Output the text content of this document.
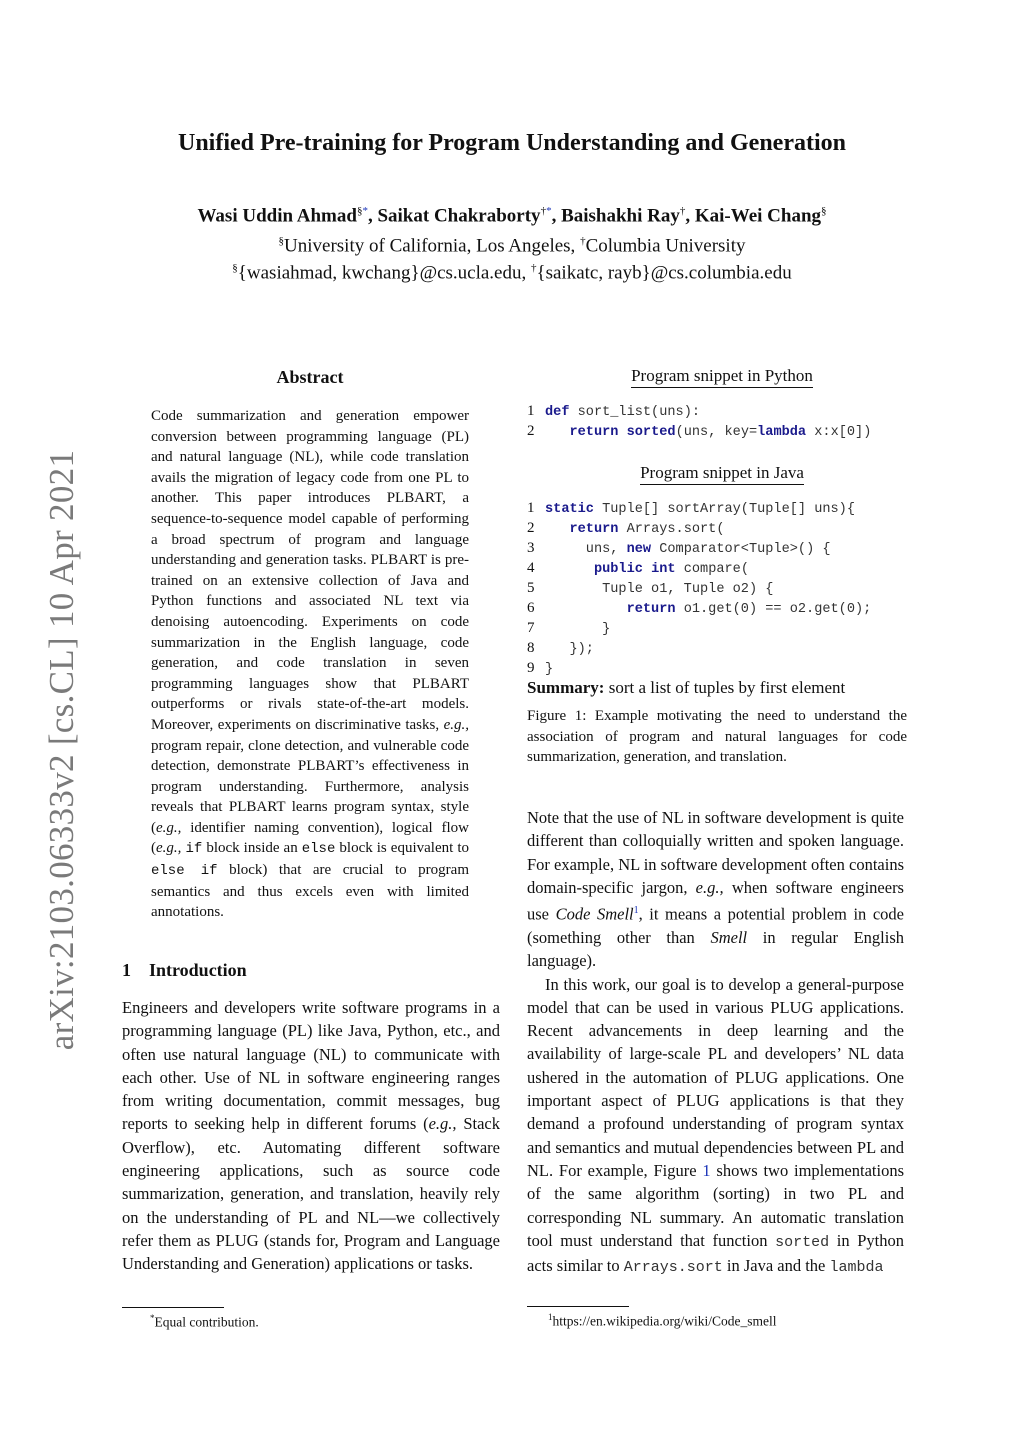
arXiv:2103.06333v2 [cs.CL] 10 Apr 2021
Unified Pre-training for Program Understanding and Generation
Wasi Uddin Ahmad§*, Saikat Chakraborty†*, Baishakhi Ray†, Kai-Wei Chang§
§University of California, Los Angeles, †Columbia University
§{wasiahmad, kwchang}@cs.ucla.edu, †{saikatc, rayb}@cs.columbia.edu
Abstract
Code summarization and generation empower conversion between programming language (PL) and natural language (NL), while code translation avails the migration of legacy code from one PL to another. This paper introduces PLBART, a sequence-to-sequence model capable of performing a broad spectrum of program and language understanding and generation tasks. PLBART is pre-trained on an extensive collection of Java and Python functions and associated NL text via denoising autoencoding. Experiments on code summarization in the English language, code generation, and code translation in seven programming languages show that PLBART outperforms or rivals state-of-the-art models. Moreover, experiments on discriminative tasks, e.g., program repair, clone detection, and vulnerable code detection, demonstrate PLBART’s effectiveness in program understanding. Furthermore, analysis reveals that PLBART learns program syntax, style (e.g., identifier naming convention), logical flow (e.g., if block inside an else block is equivalent to else if block) that are crucial to program semantics and thus excels even with limited annotations.
1 Introduction
Engineers and developers write software programs in a programming language (PL) like Java, Python, etc., and often use natural language (NL) to communicate with each other. Use of NL in software engineering ranges from writing documentation, commit messages, bug reports to seeking help in different forums (e.g., Stack Overflow), etc. Automating different software engineering applications, such as source code summarization, generation, and translation, heavily rely on the understanding of PL and NL—we collectively refer them as PLUG (stands for, Program and Language Understanding and Generation) applications or tasks.
*Equal contribution.
Program snippet in Python
1 def sort_list(uns):
2	return sorted(uns, key=lambda x:x[0])
Program snippet in Java
1 static Tuple[] sortArray(Tuple[] uns){
2	return Arrays.sort(
3	uns, new Comparator<Tuple>() {
4	public int compare(
5	Tuple o1, Tuple o2) {
6	return o1.get(0) == o2.get(0);
7	}
8	});
9 }
Summary: sort a list of tuples by first element
Figure 1: Example motivating the need to understand the association of program and natural languages for code summarization, generation, and translation.

Note that the use of NL in software development is quite different than colloquially written and spoken language. For example, NL in software development often contains domain-specific jargon, e.g., when software engineers use Code Smell$^1$, it means a potential problem in code (something other than Smell in regular English language).

In this work, our goal is to develop a general-purpose model that can be used in various PLUG applications. Recent advancements in deep learning and the availability of large-scale PL and developers’ NL data ushered in the automation of PLUG applications. One important aspect of PLUG applications is that they demand a profound understanding of program syntax and semantics and mutual dependencies between PL and NL. For example, Figure 1 shows two implementations of the same algorithm (sorting) in two PL and corresponding NL summary. An automatic translation tool must understand that function sorted in Python acts similar to Arrays.sort in Java and the lambda

$^1$https://en.wikipedia.org/wiki/Code_smell
